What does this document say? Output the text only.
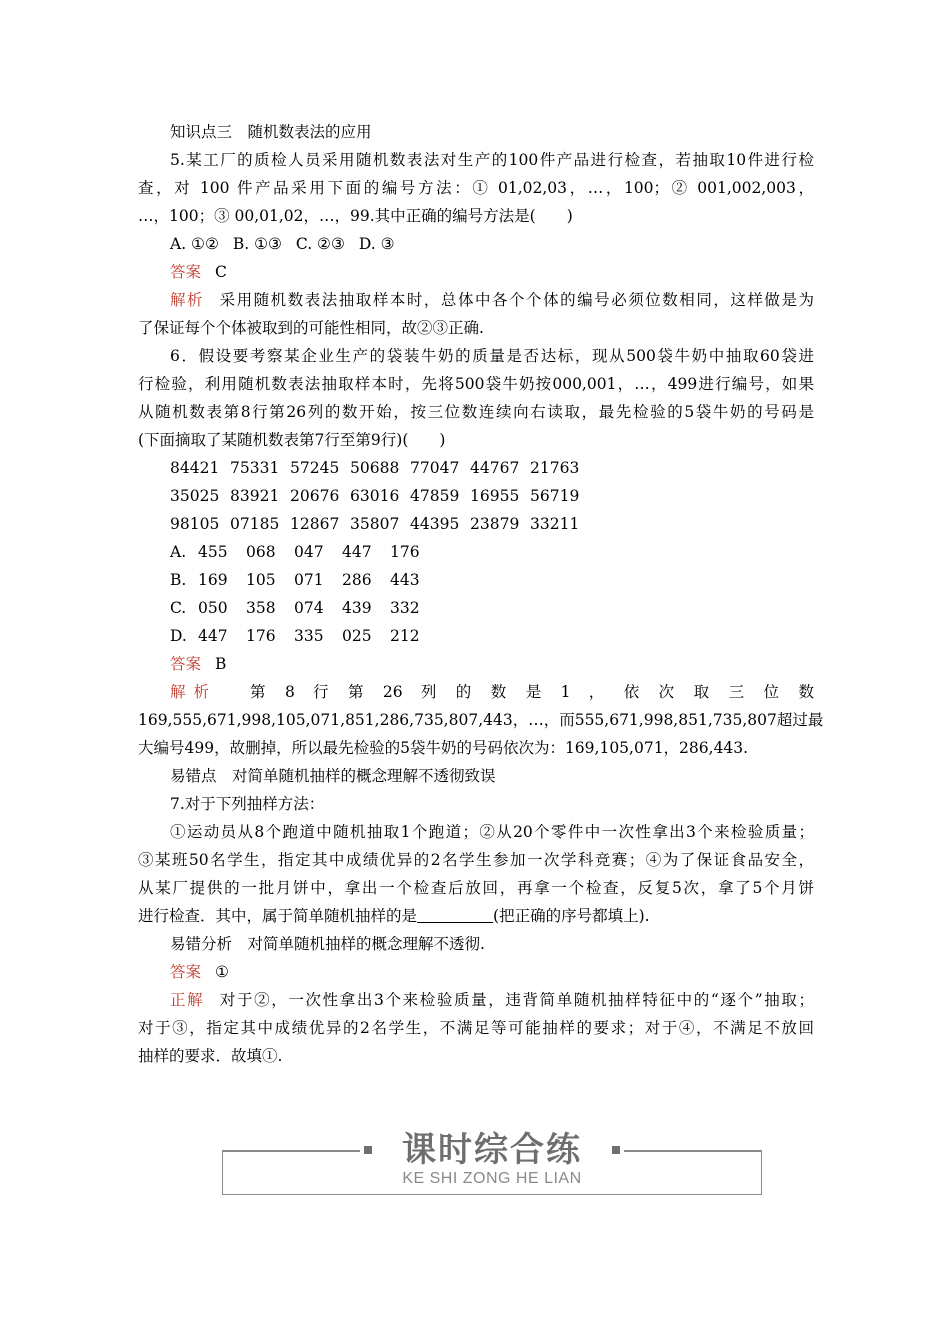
知识点三　随机数表法的应用
5.某工厂的质检人员采用随机数表法对生产的100件产品进行检查，若抽取10件进行检
查，对 100 件产品采用下面的编号方法：① 01,02,03，…，100；② 001,002,003，
…，100；③ 00,01,02，…，99.其中正确的编号方法是(　　)
A. ①② B. ①③ C. ②③ D. ③
答案 C
解析 采用随机数表法抽取样本时，总体中各个个体的编号必须位数相同，这样做是为
了保证每个个体被取到的可能性相同，故②③正确.
6．假设要考察某企业生产的袋装牛奶的质量是否达标，现从500袋牛奶中抽取60袋进
行检验，利用随机数表法抽取样本时，先将500袋牛奶按000,001，…，499进行编号，如果
从随机数表第8行第26列的数开始，按三位数连续向右读取，最先检验的5袋牛奶的号码是
(下面摘取了某随机数表第7行至第9行)(　　)
84421 75331 57245 50688 77047 44767 21763
35025 83921 20676 63016 47859 16955 56719
98105 07185 12867 35807 44395 23879 33211
A. 455	068	047	447	176
B. 169	105	071	286	443
C. 050	358	074	439	332
D. 447	176	335	025	212
答案 B
解析	第 8 行 第 26 列 的 数 是 1 ， 依 次 取 三 位 数
169,555,671,998,105,071,851,286,735,807,443，…，而555,671,998,851,735,807超过最
大编号499，故删掉，所以最先检验的5袋牛奶的号码依次为：169,105,071，286,443.
易错点　对简单随机抽样的概念理解不透彻致误
7.对于下列抽样方法：
①运动员从8个跑道中随机抽取1个跑道；②从20个零件中一次性拿出3个来检验质量；
③某班50名学生，指定其中成绩优异的2名学生参加一次学科竞赛；④为了保证食品安全，
从某厂提供的一批月饼中，拿出一个检查后放回，再拿一个检查，反复5次，拿了5个月饼
进行检查．其中，属于简单随机抽样的是	(把正确的序号都填上).
易错分析　对简单随机抽样的概念理解不透彻.
答案 ①
正解 对于②，一次性拿出3个来检验质量，违背简单随机抽样特征中的“逐个”抽取；
对于③，指定其中成绩优异的2名学生，不满足等可能抽样的要求；对于④，不满足不放回
抽样的要求．故填①.
课时综合练
KE SHI ZONG HE LIAN
